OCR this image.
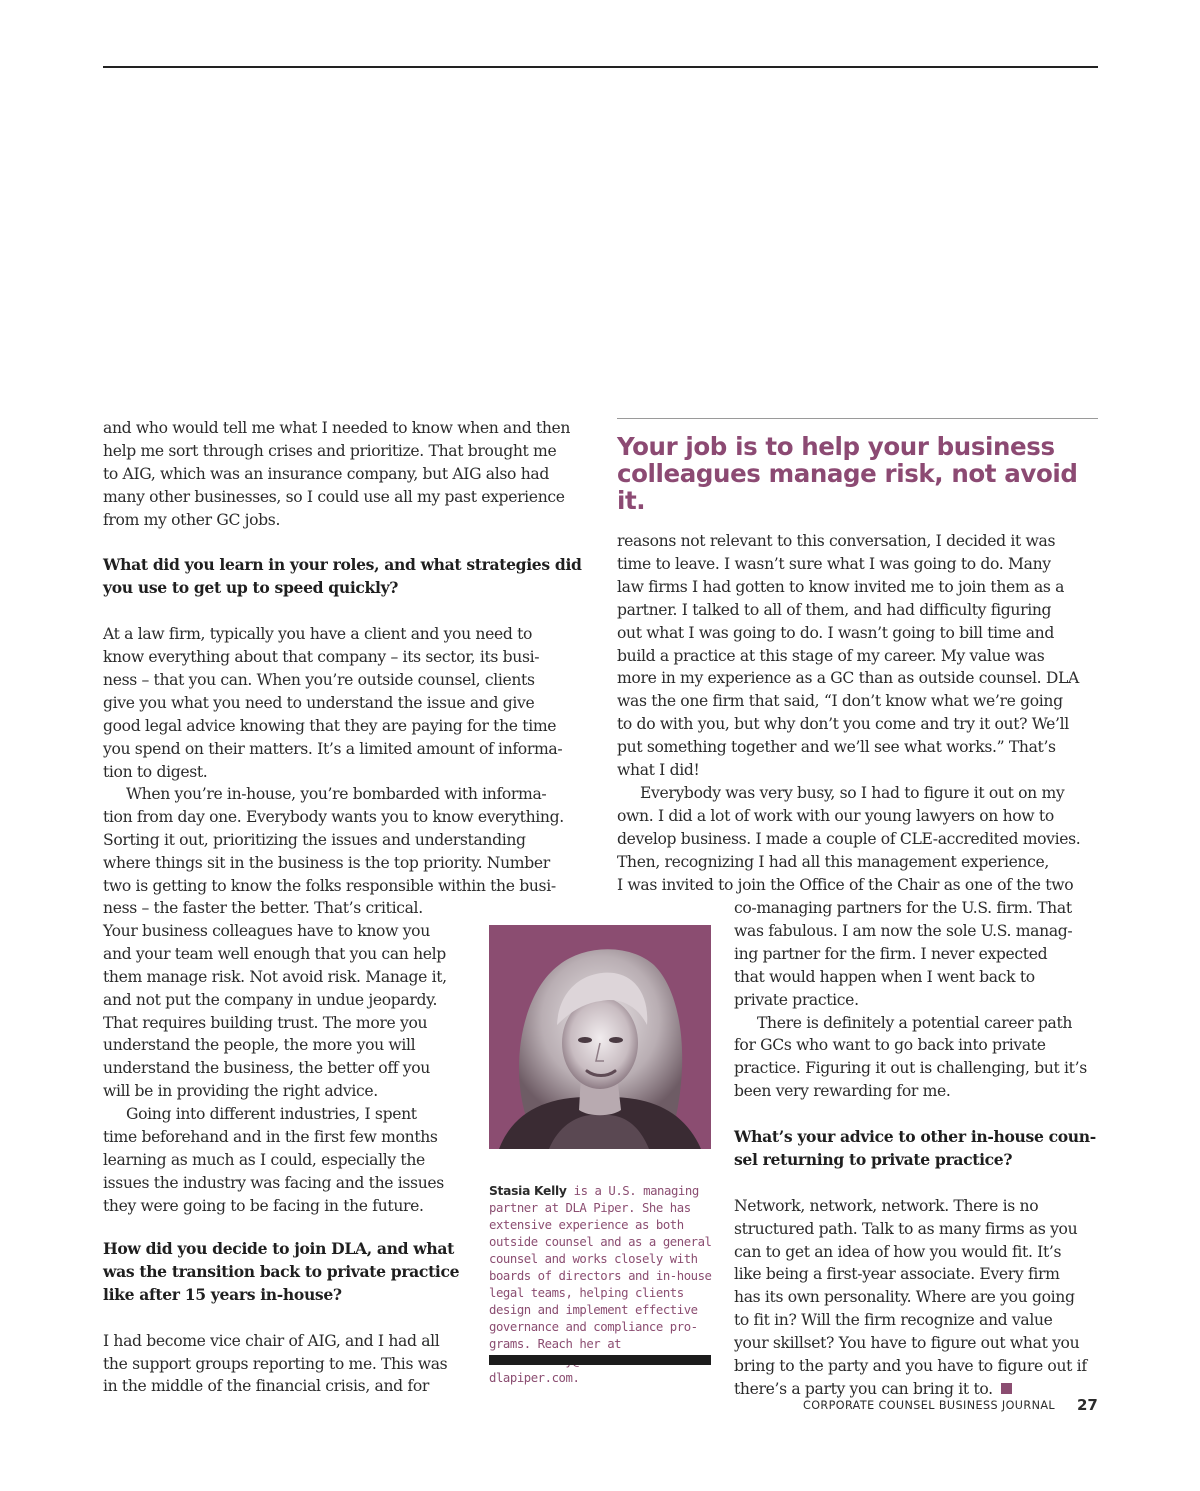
and who would tell me what I needed to know when and then
help me sort through crises and prioritize. That brought me
to AIG, which was an insurance company, but AIG also had
many other businesses, so I could use all my past experience
from my other GC jobs.

What did you learn in your roles, and what strategies did
you use to get up to speed quickly?

At a law firm, typically you have a client and you need to
know everything about that company – its sector, its busi-
ness – that you can. When you’re outside counsel, clients
give you what you need to understand the issue and give
good legal advice knowing that they are paying for the time
you spend on their matters. It’s a limited amount of informa-
tion to digest.

When you’re in-house, you’re bombarded with informa-
tion from day one. Everybody wants you to know everything.
Sorting it out, prioritizing the issues and understanding
where things sit in the business is the top priority. Number
two is getting to know the folks responsible within the busi-

ness – the faster the better. That’s critical.
Your business colleagues have to know you
and your team well enough that you can help
them manage risk. Not avoid risk. Manage it,
and not put the company in undue jeopardy.
That requires building trust. The more you
understand the people, the more you will
understand the business, the better off you
will be in providing the right advice.

Going into different industries, I spent
time beforehand and in the first few months
learning as much as I could, especially the
issues the industry was facing and the issues
they were going to be facing in the future.

How did you decide to join DLA, and what
was the transition back to private practice
like after 15 years in-house?

I had become vice chair of AIG, and I had all
the support groups reporting to me. This was
in the middle of the financial crisis, and for

Your job is to help your business
colleagues manage risk, not avoid it.

reasons not relevant to this conversation, I decided it was
time to leave. I wasn’t sure what I was going to do. Many
law firms I had gotten to know invited me to join them as a
partner. I talked to all of them, and had difficulty figuring
out what I was going to do. I wasn’t going to bill time and
build a practice at this stage of my career. My value was
more in my experience as a GC than as outside counsel. DLA
was the one firm that said, “I don’t know what we’re going
to do with you, but why don’t you come and try it out? We’ll
put something together and we’ll see what works.” That’s
what I did!

Everybody was very busy, so I had to figure it out on my
own. I did a lot of work with our young lawyers on how to
develop business. I made a couple of CLE-accredited movies.
Then, recognizing I had all this management experience,
I was invited to join the Office of the Chair as one of the two

co-managing partners for the U.S. firm. That
was fabulous. I am now the sole U.S. manag-
ing partner for the firm. I never expected
that would happen when I went back to
private practice.

There is definitely a potential career path
for GCs who want to go back into private
practice. Figuring it out is challenging, but it’s
been very rewarding for me.

What’s your advice to other in-house coun-
sel returning to private practice?

Network, network, network. There is no
structured path. Talk to as many firms as you
can to get an idea of how you would fit. It’s
like being a first-year associate. Every firm
has its own personality. Where are you going
to fit in? Will the firm recognize and value
your skillset? You have to figure out what you
bring to the party and you have to figure out if
there’s a party you can bring it to.

Stasia Kelly is a U.S. managing
partner at DLA Piper. She has
extensive experience as both
outside counsel and as a general
counsel and works closely with
boards of directors and in-house
legal teams, helping clients
design and implement effective
governance and compliance pro-
grams. Reach her at
dlapiper.com.
CORPORATE COUNSEL BUSINESS JOURNAL 27
